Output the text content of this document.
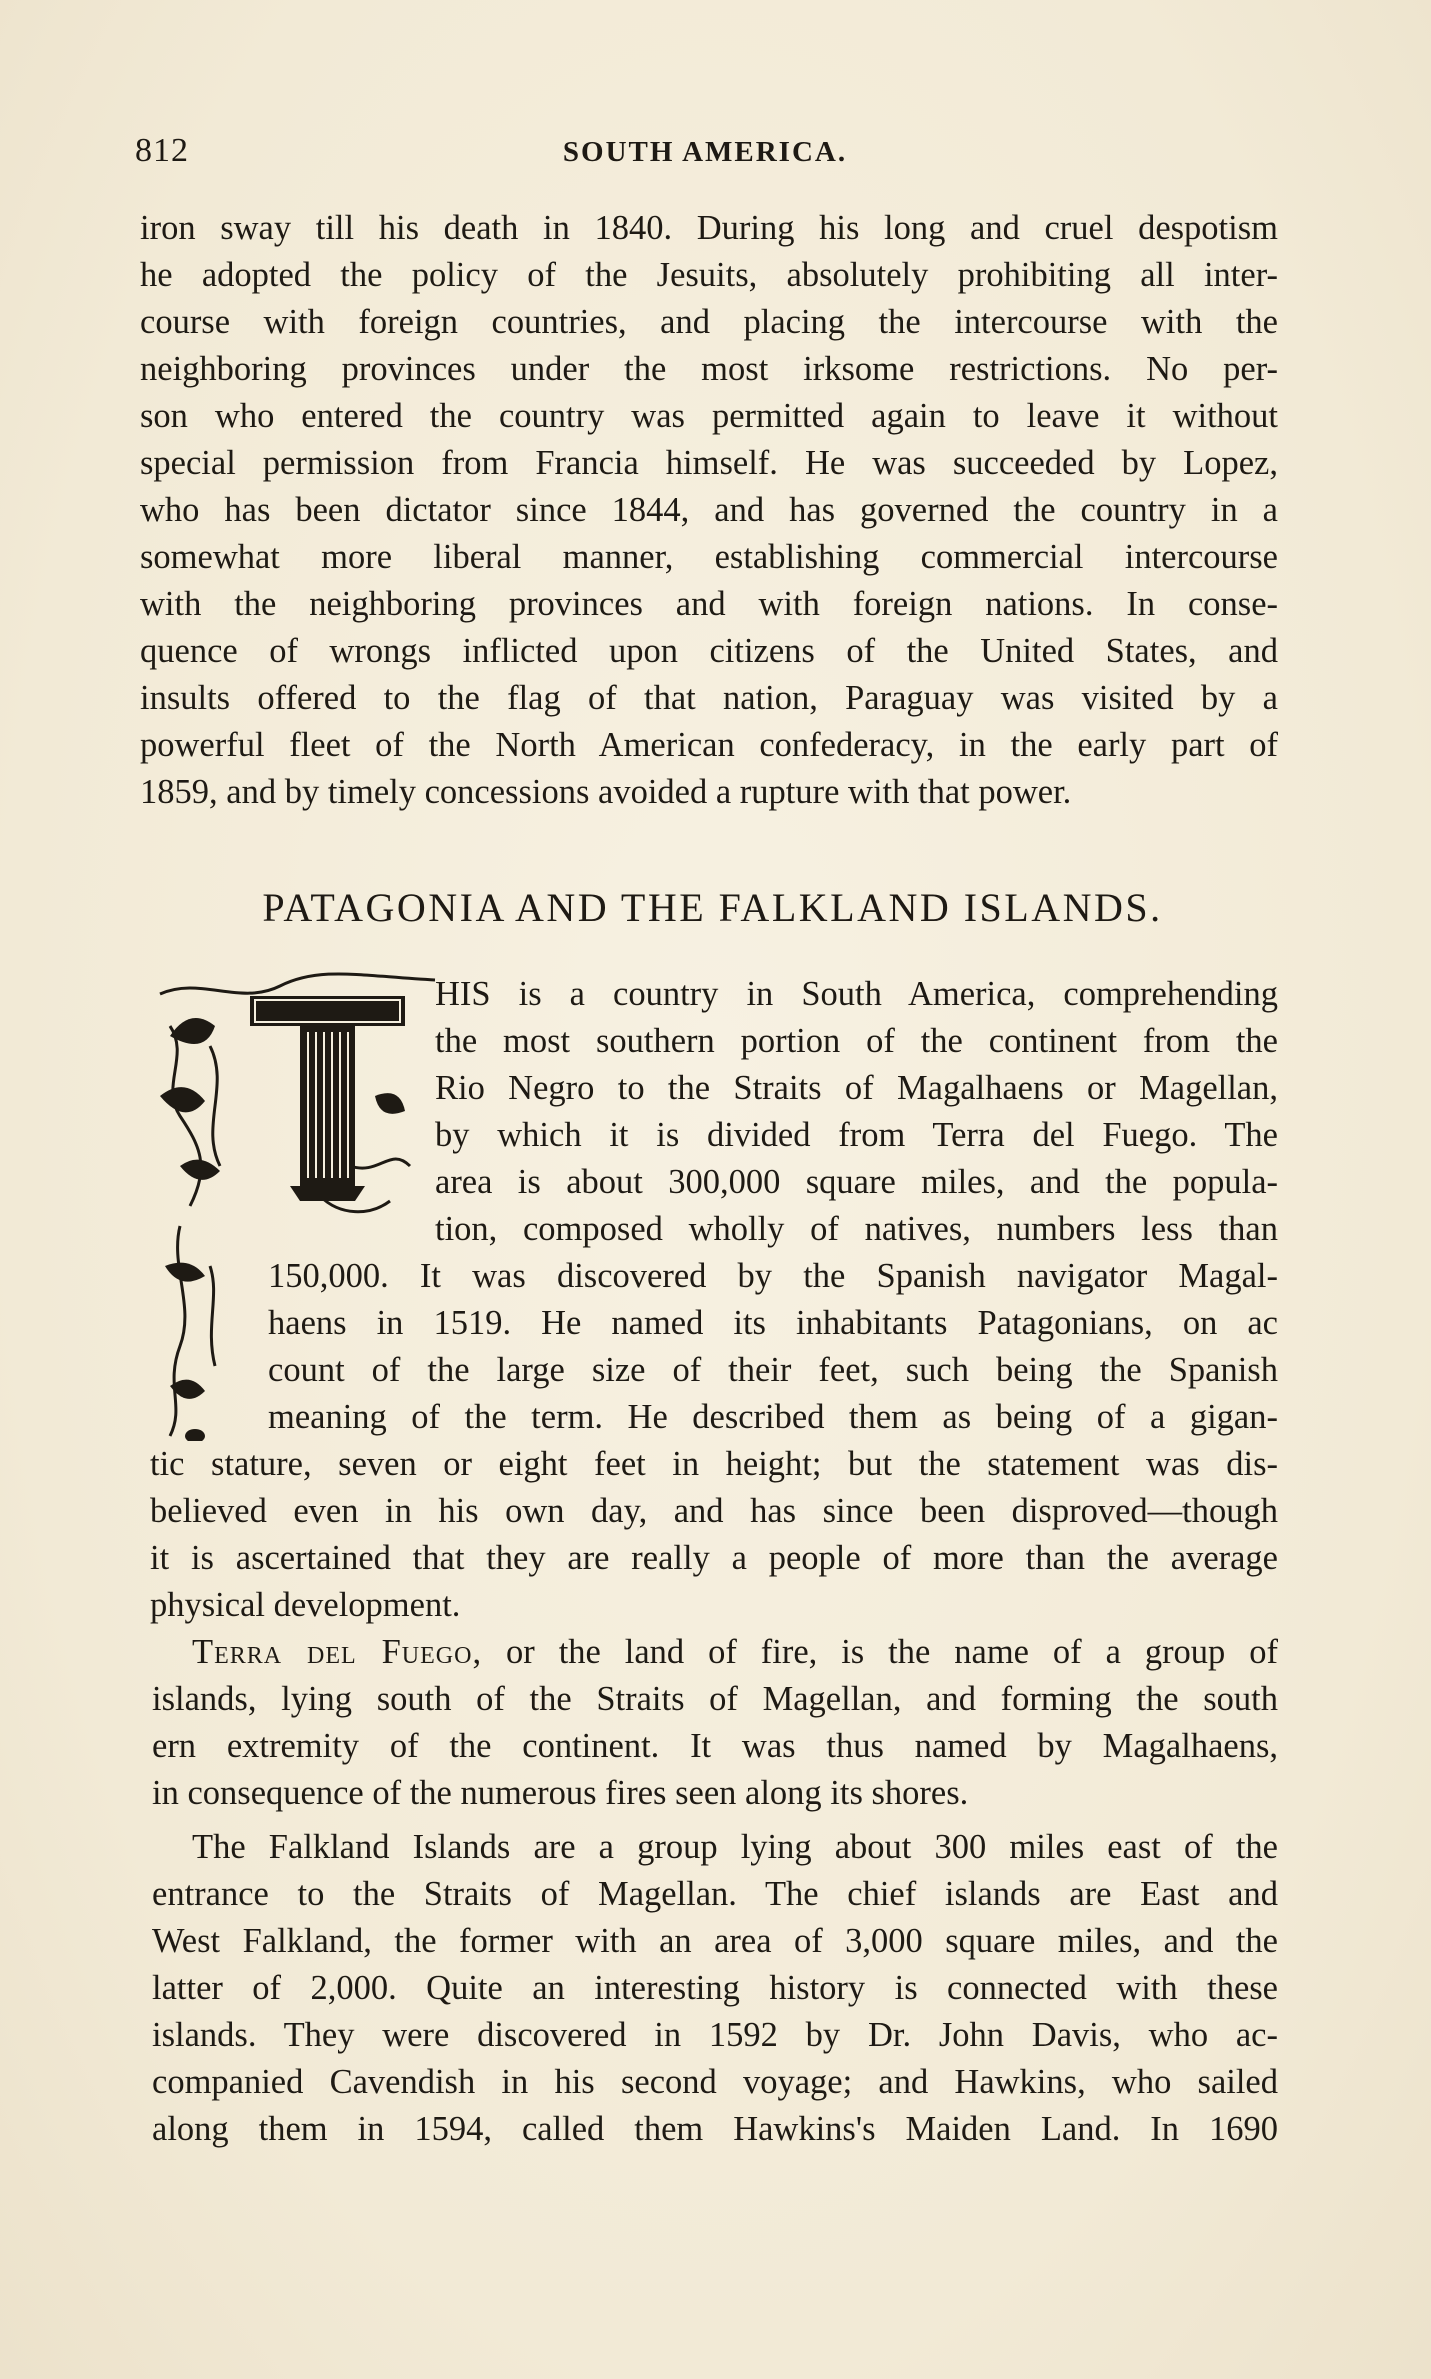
812	SOUTH AMERICA.
iron sway till his death in 1840. During his long and cruel despotism
he adopted the policy of the Jesuits, absolutely prohibiting all inter-
course with foreign countries, and placing the intercourse with the
neighboring provinces under the most irksome restrictions. No per-
son who entered the country was permitted again to leave it without
special permission from Francia himself. He was succeeded by Lopez,
who has been dictator since 1844, and has governed the country in a
somewhat more liberal manner, establishing commercial intercourse
with the neighboring provinces and with foreign nations. In conse-
quence of wrongs inflicted upon citizens of the United States, and
insults offered to the flag of that nation, Paraguay was visited by a
powerful fleet of the North American confederacy, in the early part of
1859, and by timely concessions avoided a rupture with that power.
PATAGONIA AND THE FALKLAND ISLANDS.
HIS is a country in South America, comprehending
the most southern portion of the continent from the
Rio Negro to the Straits of Magalhaens or Magellan,
by which it is divided from Terra del Fuego. The
area is about 300,000 square miles, and the popula-
tion, composed wholly of natives, numbers less than
150,000. It was discovered by the Spanish navigator Magal-
haens in 1519. He named its inhabitants Patagonians, on ac
count of the large size of their feet, such being the Spanish
meaning of the term. He described them as being of a gigan-
tic stature, seven or eight feet in height; but the statement was dis-
believed even in his own day, and has since been disproved—though
it is ascertained that they are really a people of more than the average
physical development.
Terra del Fuego, or the land of fire, is the name of a group of
islands, lying south of the Straits of Magellan, and forming the south
ern extremity of the continent. It was thus named by Magalhaens,
in consequence of the numerous fires seen along its shores.
The Falkland Islands are a group lying about 300 miles east of the
entrance to the Straits of Magellan. The chief islands are East and
West Falkland, the former with an area of 3,000 square miles, and the
latter of 2,000. Quite an interesting history is connected with these
islands. They were discovered in 1592 by Dr. John Davis, who ac-
companied Cavendish in his second voyage; and Hawkins, who sailed
along them in 1594, called them Hawkins's Maiden Land. In 1690
